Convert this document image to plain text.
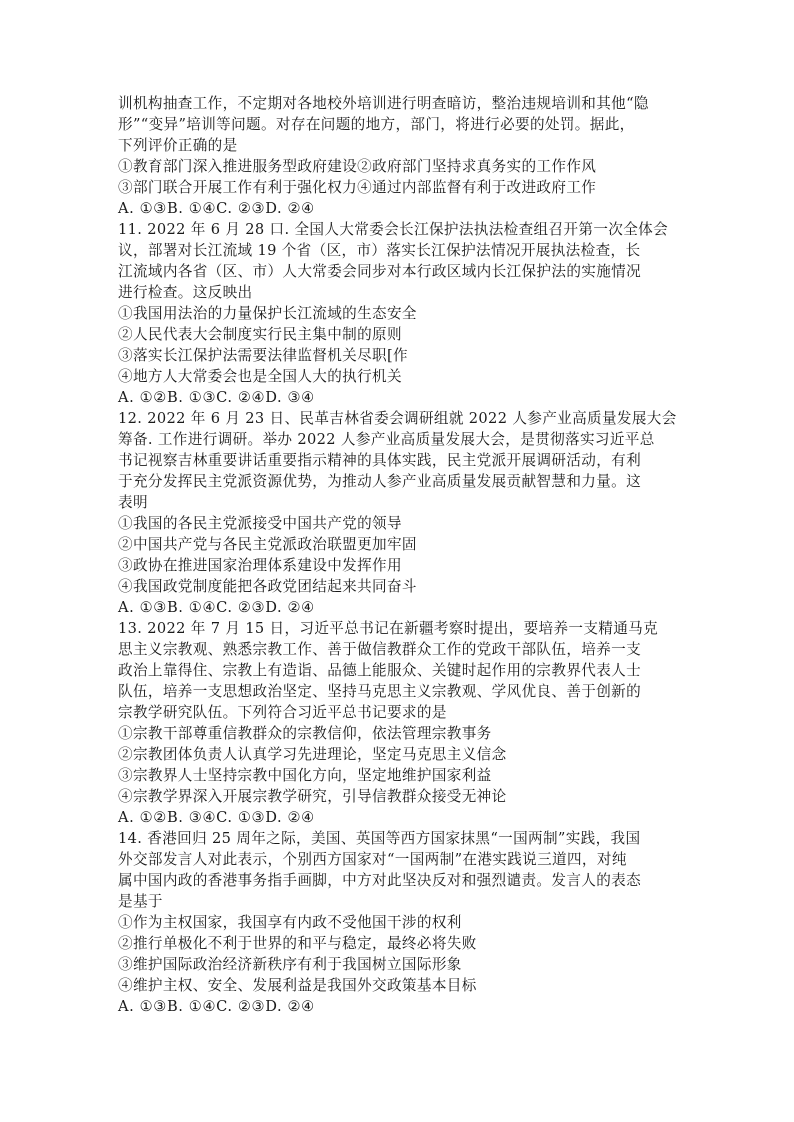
训机构抽查工作，不定期对各地校外培训进行明查暗访，整治违规培训和其他“隐
形”“变异”培训等问题。对存在问题的地方，部门，将进行必要的处罚。据此，
下列评价正确的是
①教育部门深入推进服务型政府建设②政府部门坚持求真务实的工作作风
③部门联合开展工作有利于强化权力④通过内部监督有利于改进政府工作
A. ①③B. ①④C. ②③D. ②④
11. 2022 年 6 月 28 口. 全国人大常委会长江保护法执法检查组召开第一次全体会
议，部署对长江流域 19 个省（区，市）落实长江保护法情况开展执法检查，长
江流域内各省（区、市）人大常委会同步对本行政区域内长江保护法的实施情况
进行检查。这反映出
①我国用法治的力量保护长江流域的生态安全
②人民代表大会制度实行民主集中制的原则
③落实长江保护法需要法律监督机关尽职[作
④地方人大常委会也是全国人大的执行机关
A. ①②B. ①③C. ②④D. ③④
12. 2022 年 6 月 23 日、民革吉林省委会调研组就 2022 人参产业高质量发展大会
筹备. 工作进行调研。举办 2022 人参产业高质量发展大会，是贯彻落实习近平总
书记视察吉林重要讲话重要指示精神的具体实践，民主党派开展调研活动，有利
于充分发挥民主党派资源优势，为推动人参产业高质量发展贡献智慧和力量。这
表明
①我国的各民主党派接受中国共产党的领导
②中国共产党与各民主党派政治联盟更加牢固
③政协在推进国家治理体系建设中发挥作用
④我国政党制度能把各政党团结起来共同奋斗
A. ①③B. ①④C. ②③D. ②④
13. 2022 年 7 月 15 日，习近平总书记在新疆考察时提出，要培养一支精通马克
思主义宗教观、熟悉宗教工作、善于做信教群众工作的党政干部队伍，培养一支
政治上靠得住、宗教上有造诣、品德上能服众、关键时起作用的宗教界代表人士
队伍，培养一支思想政治坚定、坚持马克思主义宗教观、学风优良、善于创新的
宗教学研究队伍。下列符合习近平总书记要求的是
①宗教干部尊重信教群众的宗教信仰，依法管理宗教事务
②宗教团体负责人认真学习先进理论，坚定马克思主义信念
③宗教界人士坚持宗教中国化方向，坚定地维护国家利益
④宗教学界深入开展宗教学研究，引导信教群众接受无神论
A. ①②B. ③④C. ①③D. ②④
14. 香港回归 25 周年之际，美国、英国等西方国家抹黑“一国两制”实践，我国
外交部发言人对此表示，个别西方国家对“一国两制”在港实践说三道四，对纯
属中国内政的香港事务指手画脚，中方对此坚决反对和强烈谴责。发言人的表态
是基于
①作为主权国家，我国享有内政不受他国干涉的权利
②推行单极化不利于世界的和平与稳定，最终必将失败
③维护国际政治经济新秩序有利于我国树立国际形象
④维护主权、安全、发展利益是我国外交政策基本目标
A. ①③B. ①④C. ②③D. ②④
